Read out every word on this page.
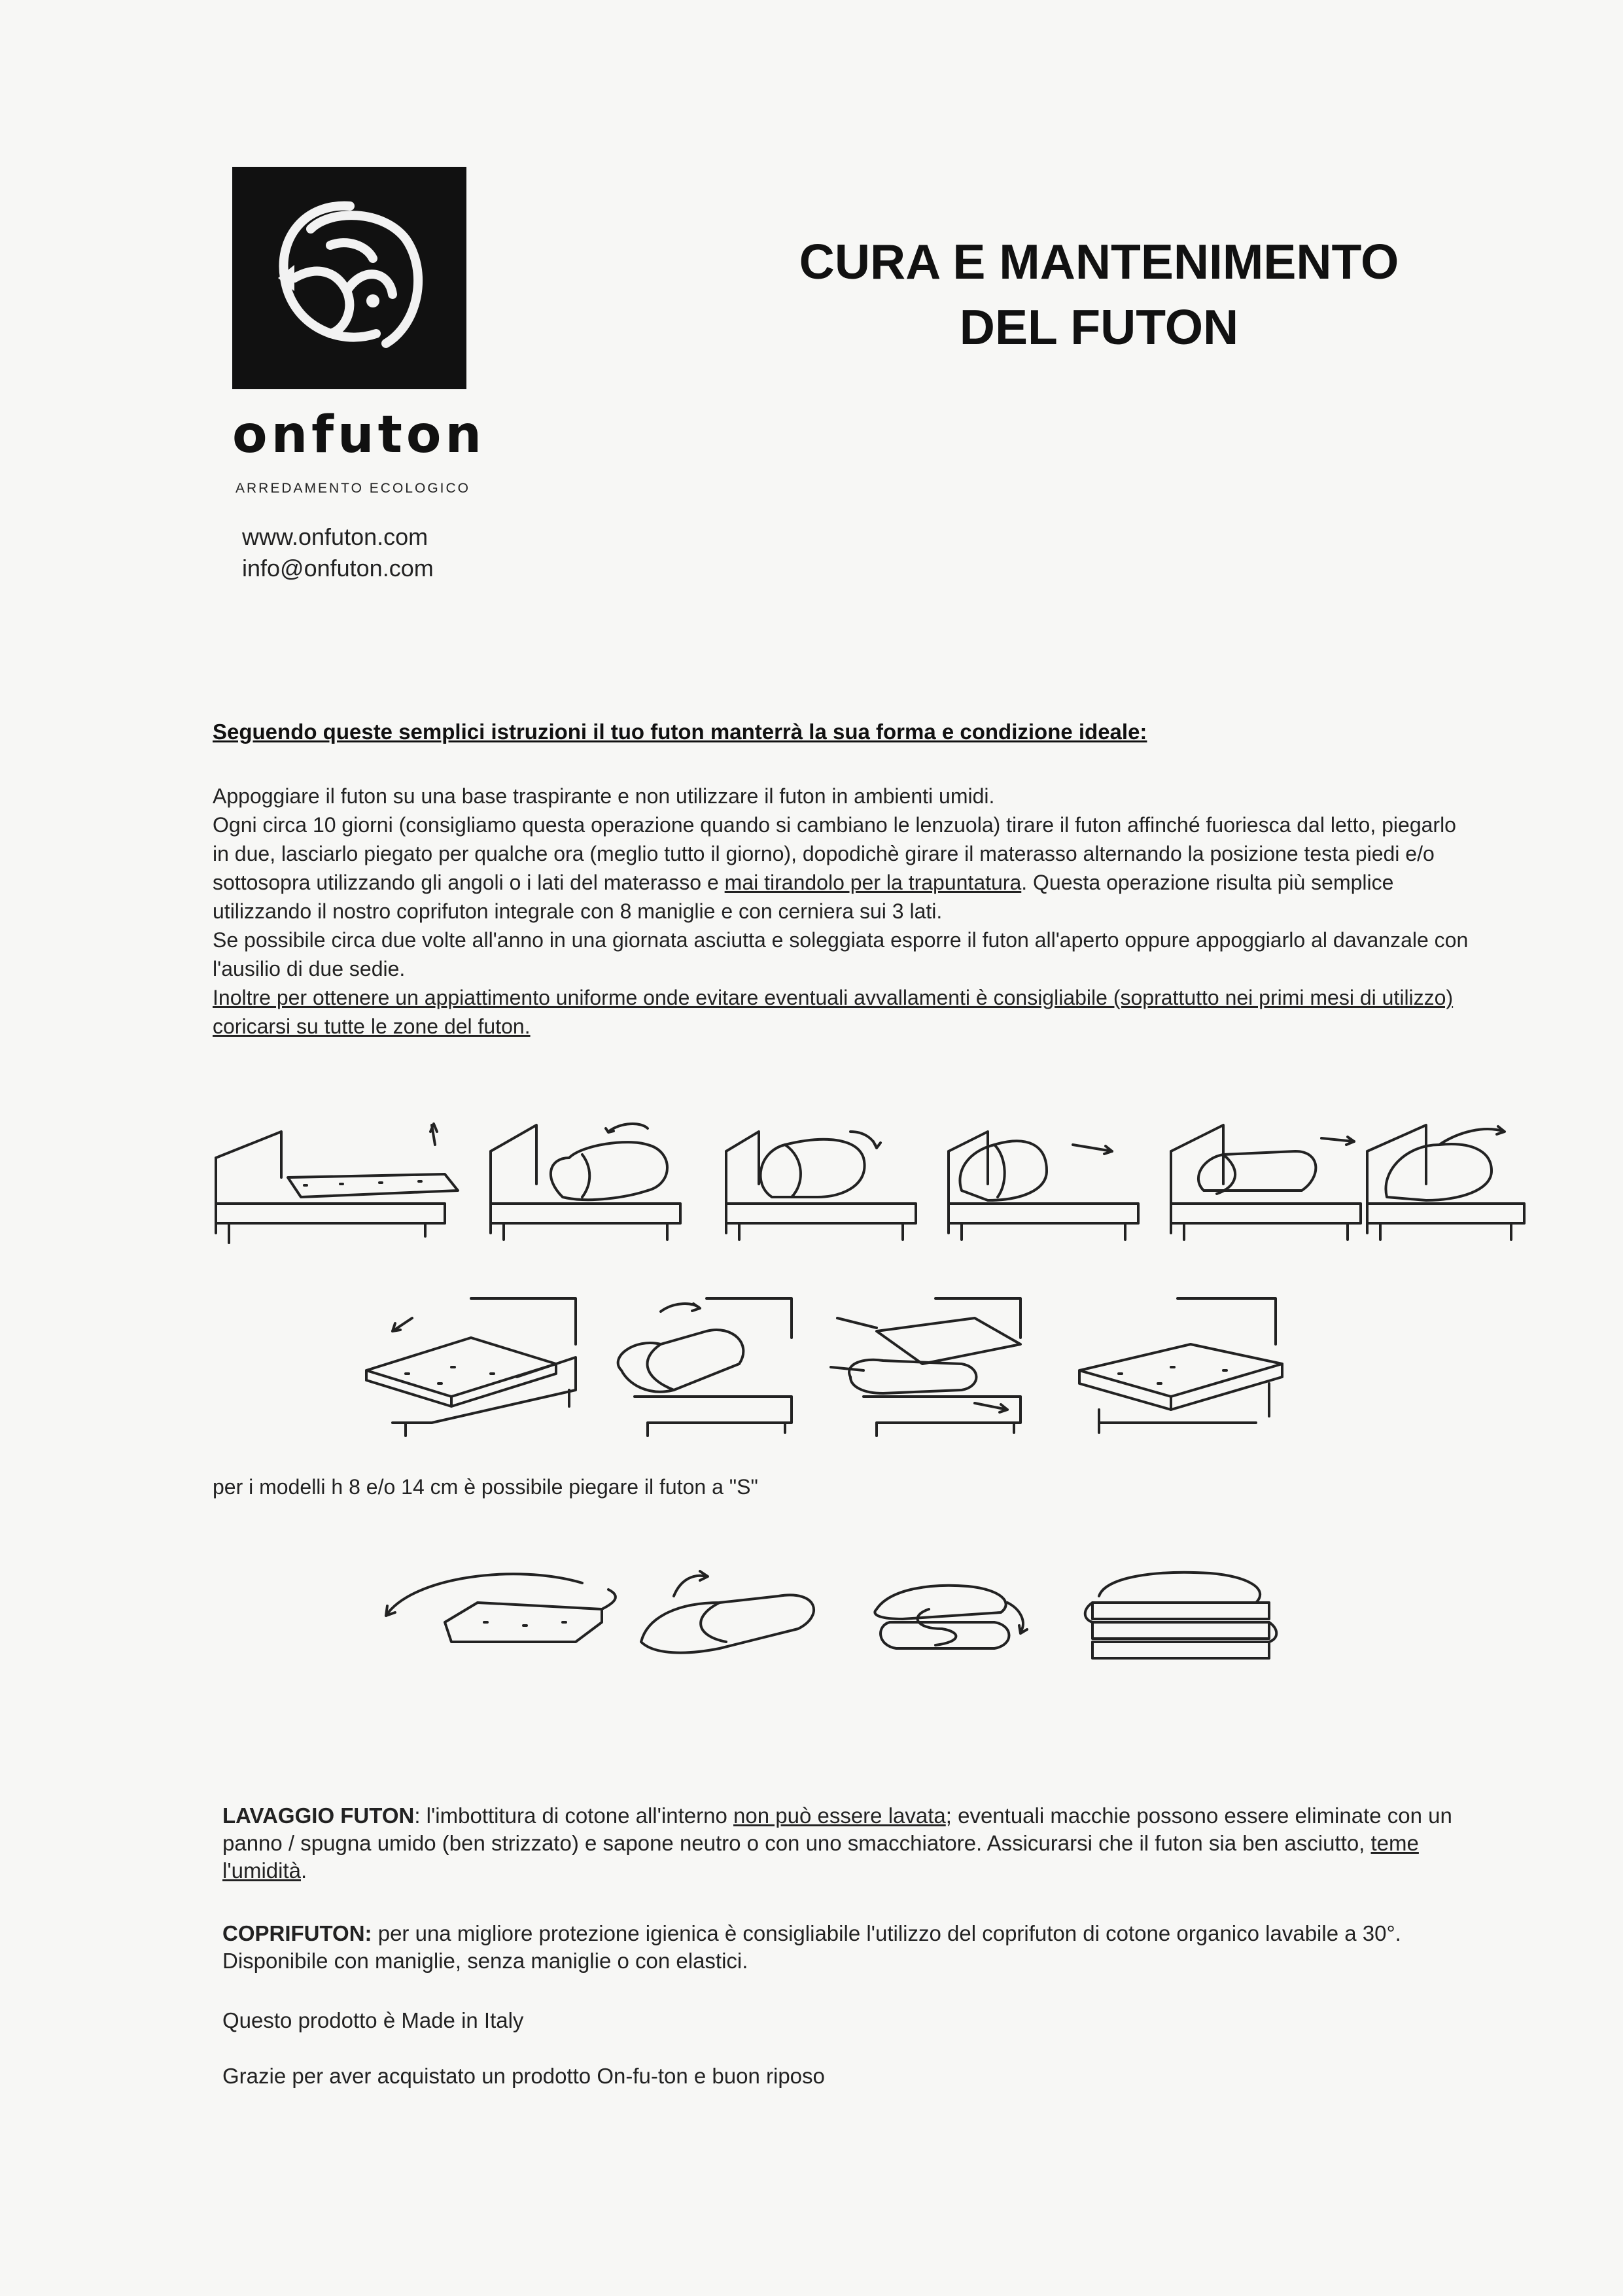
onfuton
ARREDAMENTO ECOLOGICO
www.onfuton.com
info@onfuton.com
CURA E MANTENIMENTO
DEL FUTON
Seguendo queste semplici istruzioni il tuo futon manterrà la sua forma e condizione ideale:

Appoggiare il futon su una base traspirante e non utilizzare il futon in ambienti umidi.

Ogni circa 10 giorni (consigliamo questa operazione quando si cambiano le lenzuola) tirare il futon affinché fuoriesca dal letto, piegarlo in due, lasciarlo piegato per qualche ora (meglio tutto il giorno), dopodichè girare il materasso alternando la posizione testa piedi e/o sottosopra utilizzando gli angoli o i lati del materasso e mai tirandolo per la trapuntatura. Questa operazione risulta più semplice utilizzando il nostro coprifuton integrale con 8 maniglie e con cerniera sui 3 lati.

Se possibile circa due volte all'anno in una giornata asciutta e soleggiata esporre il futon all'aperto oppure appoggiarlo al davanzale con l'ausilio di due sedie.

Inoltre per ottenere un appiattimento uniforme onde evitare eventuali avvallamenti è consigliabile (soprattutto nei primi mesi di utilizzo) coricarsi su tutte le zone del futon.

per i modelli h 8 e/o 14 cm è possibile piegare il futon a "S"

LAVAGGIO FUTON: l'imbottitura di cotone all'interno non può essere lavata; eventuali macchie possono essere eliminate con un panno / spugna umido (ben strizzato) e sapone neutro o con uno smacchiatore. Assicurarsi che il futon sia ben asciutto, teme l'umidità.

COPRIFUTON: per una migliore protezione igienica è consigliabile l'utilizzo del coprifuton di cotone organico lavabile a 30°. Disponibile con maniglie, senza maniglie o con elastici.

Questo prodotto è Made in Italy
Grazie per aver acquistato un prodotto On-fu-ton e buon riposo
